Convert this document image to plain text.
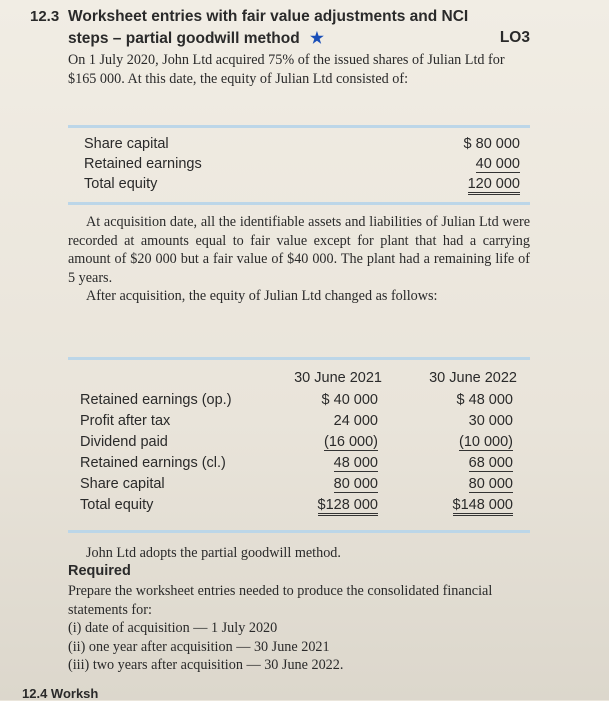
12.3 Worksheet entries with fair value adjustments and NCI
steps – partial goodwill method ★	LO3
On 1 July 2020, John Ltd acquired 75% of the issued shares of Julian Ltd for $165 000. At this date, the equity of Julian Ltd consisted of:
Share capital	$ 80 000
Retained earnings	40 000
Total equity	120 000
At acquisition date, all the identifiable assets and liabilities of Julian Ltd were recorded at amounts equal to fair value except for plant that had a carrying amount of $20 000 but a fair value of $40 000. The plant had a remaining life of 5 years.
After acquisition, the equity of Julian Ltd changed as follows:
30 June 2021	30 June 2022
Retained earnings (op.)	$ 40 000	$ 48 000
Profit after tax	24 000	30 000
Dividend paid	(16 000)	(10 000)
Retained earnings (cl.)	48 000	68 000
Share capital	80 000	80 000
Total equity	$128 000	$148 000
John Ltd adopts the partial goodwill method.
Required
Prepare the worksheet entries needed to produce the consolidated financial statements for:
(i) date of acquisition — 1 July 2020
(ii) one year after acquisition — 30 June 2021
(iii) two years after acquisition — 30 June 2022.
12.4 Worksh
